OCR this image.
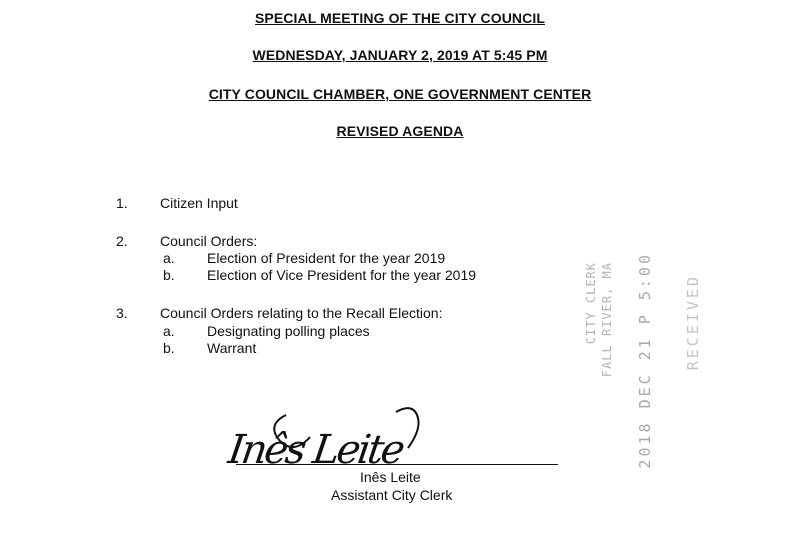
SPECIAL MEETING OF THE CITY COUNCIL
WEDNESDAY, JANUARY 2, 2019 AT 5:45 PM
CITY COUNCIL CHAMBER, ONE GOVERNMENT CENTER
REVISED AGENDA
1. Citizen Input
2. Council Orders:
a. Election of President for the year 2019
b. Election of Vice President for the year 2019
3. Council Orders relating to the Recall Election:
a. Designating polling places
b. Warrant
CITY CLERK FALL RIVER, MA 2018 DEC 21 P 5:00 RECEIVED
Inês Leite
Inês Leite
Assistant City Clerk
